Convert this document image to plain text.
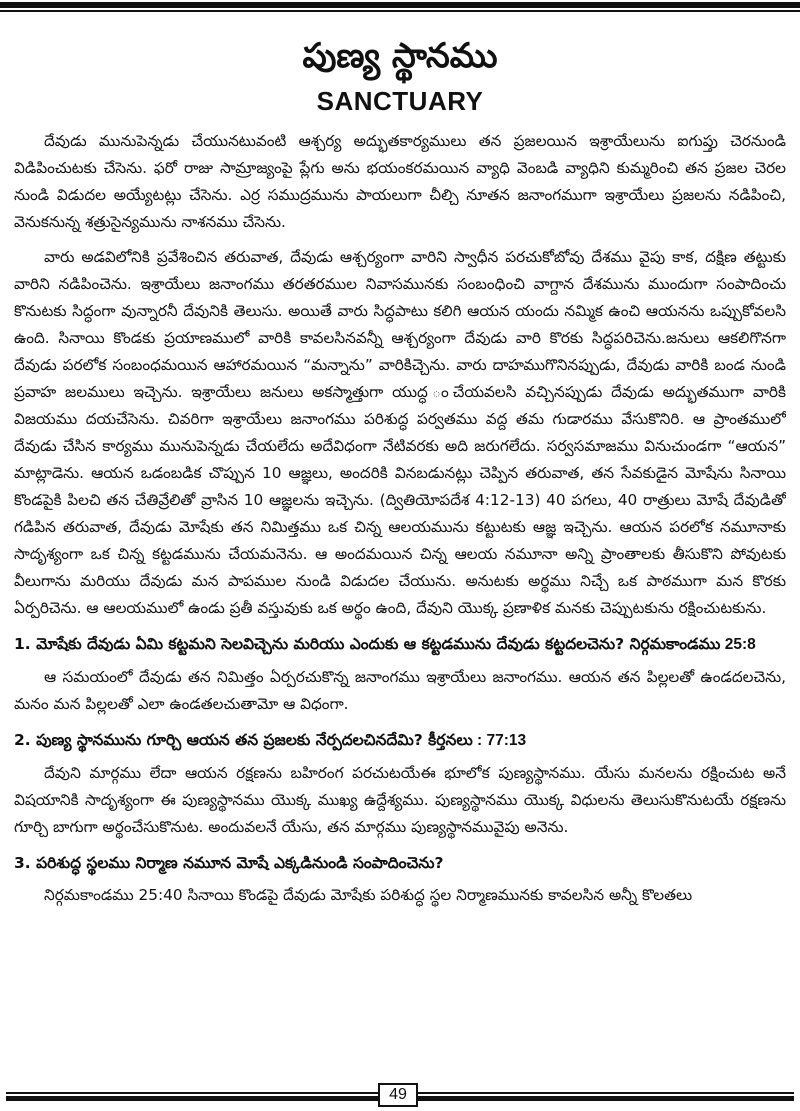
పుణ్య స్థానము
SANCTUARY

దేవుడు మునుపెన్నడు చేయునటువంటి ఆశ్చర్య అద్భుతకార్యములు తన ప్రజలయిన ఇశ్రాయేలును ఐగుప్తు చెరనుండి విడిపించుటకు చేసెను. ఫరో రాజు సామ్రాజ్యంపై ప్లేగు అను భయంకరమయిన వ్యాధి వెంబడి వ్యాధిని కుమ్మరించి తన ప్రజల చెరల నుండి విడుదల అయ్యేటట్లు చేసెను. ఎర్ర సముద్రమును పాయలుగా చీల్చి నూతన జనాంగముగా ఇశ్రాయేలు ప్రజలను నడిపించి, వెనుకనున్న శత్రుసైన్యమును నాశనము చేసెను.

వారు అడవిలోనికి ప్రవేశించిన తరువాత, దేవుడు ఆశ్చర్యంగా వారిని స్వాధీన పరచుకోబోవు దేశము వైపు కాక, దక్షిణ తట్టుకు వారిని నడిపించెను. ఇశ్రాయేలు జనాంగము తరతరముల నివాసమునకు సంబంధించి వాగ్దాన దేశమును ముందుగా సంపాదించు కొనుటకు సిద్ధంగా వున్నారనీ దేవునికి తెలుసు. అయితే వారు సిద్ధపాటు కలిగి ఆయన యందు నమ్మిక ఉంచి ఆయనను ఒప్పుకోవలసి ఉంది. సినాయి కొండకు ప్రయాణములో వారికి కావలసినవన్నీ ఆశ్చర్యంగా దేవుడు వారి కొరకు సిద్ధపరిచెను.జనులు ఆకలిగొనగా దేవుడు పరలోక సంబంధమయిన ఆహారమయిన “మన్నాను” వారికిచ్చెను. వారు దాహముగొనినప్పుడు, దేవుడు వారికి బండ నుండి ప్రవాహ జలములు ఇచ్చెను. ఇశ్రాయేలు జనులు అకస్మాత్తుగా యుద్ధ ంచేయవలసి వచ్చినప్పుడు దేవుడు అద్భుతముగా వారికి విజయము దయచేసెను. చివరిగా ఇశ్రాయేలు జనాంగము పరిశుద్ధ పర్వతము వద్ద తమ గుడారము వేసుకొనిరి. ఆ ప్రాంతములో దేవుడు చేసిన కార్యము మునుపెన్నడు చేయలేదు అదేవిధంగా నేటివరకు అది జరుగలేదు. సర్వసమాజము వినుచుండగా “ఆయన” మాట్లాడెను. ఆయన ఒడంబడిక చొప్పున 10 ఆజ్ఞలు, అందరికి వినబడునట్లు చెప్పిన తరువాత, తన సేవకుడైన మోషేను సినాయి కొండపైకి పిలచి తన చేతివ్రేలితో వ్రాసిన 10 ఆజ్ఞలను ఇచ్చెను. (ద్వితియోపదేశ 4:12-13) 40 పగలు, 40 రాత్రులు మోషే దేవుడితో గడిపిన తరువాత, దేవుడు మోషేకు తన నిమిత్తము ఒక చిన్న ఆలయమును కట్టుటకు ఆజ్ఞ ఇచ్చెను. ఆయన పరలోక నమూనాకు సాదృశ్యంగా ఒక చిన్న కట్టడమును చేయమనెను. ఆ అందమయిన చిన్న ఆలయ నమూనా అన్ని ప్రాంతాలకు తీసుకొని పోవుటకు వీలుగాను మరియు దేవుడు మన పాపముల నుండి విడుదల చేయును. అనుటకు అర్థము నిచ్చే ఒక పాఠముగా మన కొరకు ఏర్పరిచెను. ఆ ఆలయములో ఉండు ప్రతీ వస్తువుకు ఒక అర్థం ఉంది, దేవుని యొక్క ప్రణాళిక మనకు చెప్పుటకును రక్షించుటకును.

1. మోషేకు దేవుడు ఏమి కట్టమని సెలవిచ్చెను మరియు ఎందుకు ఆ కట్టడమును దేవుడు కట్టదలచెను? నిర్గమకాండము 25:8

ఆ సమయంలో దేవుడు తన నిమిత్తం ఏర్పరచుకొన్న జనాంగము ఇశ్రాయేలు జనాంగము. ఆయన తన పిల్లలతో ఉండదలచెను, మనం మన పిల్లలతో ఎలా ఉండతలచుతామో ఆ విధంగా.

2. పుణ్య స్థానమును గూర్చి ఆయన తన ప్రజలకు నేర్పదలచినదేమి? కీర్తనలు : 77:13

దేవుని మార్గము లేదా ఆయన రక్షణను బహిరంగ పరచుటయేఈ భూలోక పుణ్యస్థానము. యేసు మనలను రక్షించుట అనే విషయానికి సాదృశ్యంగా ఈ పుణ్యస్థానము యొక్క ముఖ్య ఉద్దేశ్యము. పుణ్యస్థానము యొక్క విధులను తెలుసుకొనుటయే రక్షణను గూర్చి బాగుగా అర్థంచేసుకొనుట. అందువలనే యేసు, తన మార్గము పుణ్యస్థానమువైపు అనెను.

3. పరిశుద్ధ స్థలము నిర్మాణ నమూన మోషే ఎక్కడినుండి సంపాదించెను?

నిర్గమకాండము 25:40 సినాయి కొండపై దేవుడు మోషేకు పరిశుద్ధ స్థల నిర్మాణమునకు కావలసిన అన్నీ కొలతలు

49
